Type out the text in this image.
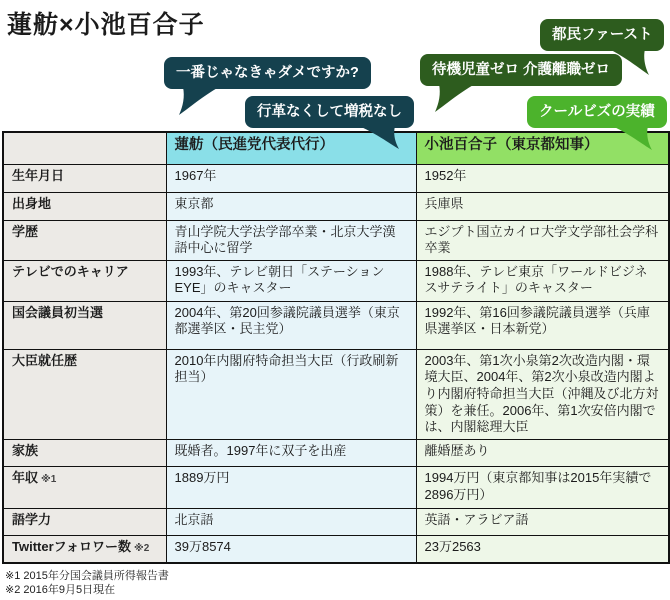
蓮舫×小池百合子
一番じゃなきゃダメですか?
行革なくして増税なし
都民ファースト
待機児童ゼロ 介護離職ゼロ
クールビズの実績
	蓮舫（民進党代表代行）	小池百合子（東京都知事）
生年月日	1967年	1952年
出身地	東京都	兵庫県
学歴	青山学院大学法学部卒業・北京大学漢語中心に留学	エジプト国立カイロ大学文学部社会学科卒業
テレビでのキャリア	1993年、テレビ朝日「ステーションEYE」のキャスター	1988年、テレビ東京「ワールドビジネスサテライト」のキャスター
国会議員初当選	2004年、第20回参議院議員選挙（東京都選挙区・民主党）	1992年、第16回参議院議員選挙（兵庫県選挙区・日本新党）
大臣就任歴	2010年内閣府特命担当大臣（行政刷新担当）	2003年、第1次小泉第2次改造内閣・環境大臣、2004年、第2次小泉改造内閣より内閣府特命担当大臣（沖縄及び北方対策）を兼任。2006年、第1次安倍内閣では、内閣総理大臣
家族	既婚者。1997年に双子を出産	離婚歴あり
年収 ※1	1889万円	1994万円（東京都知事は2015年実績で2896万円）
語学力	北京語	英語・アラビア語
Twitterフォロワー数 ※2	39万8574	23万2563
※1 2015年分国会議員所得報告書
※2 2016年9月5日現在
